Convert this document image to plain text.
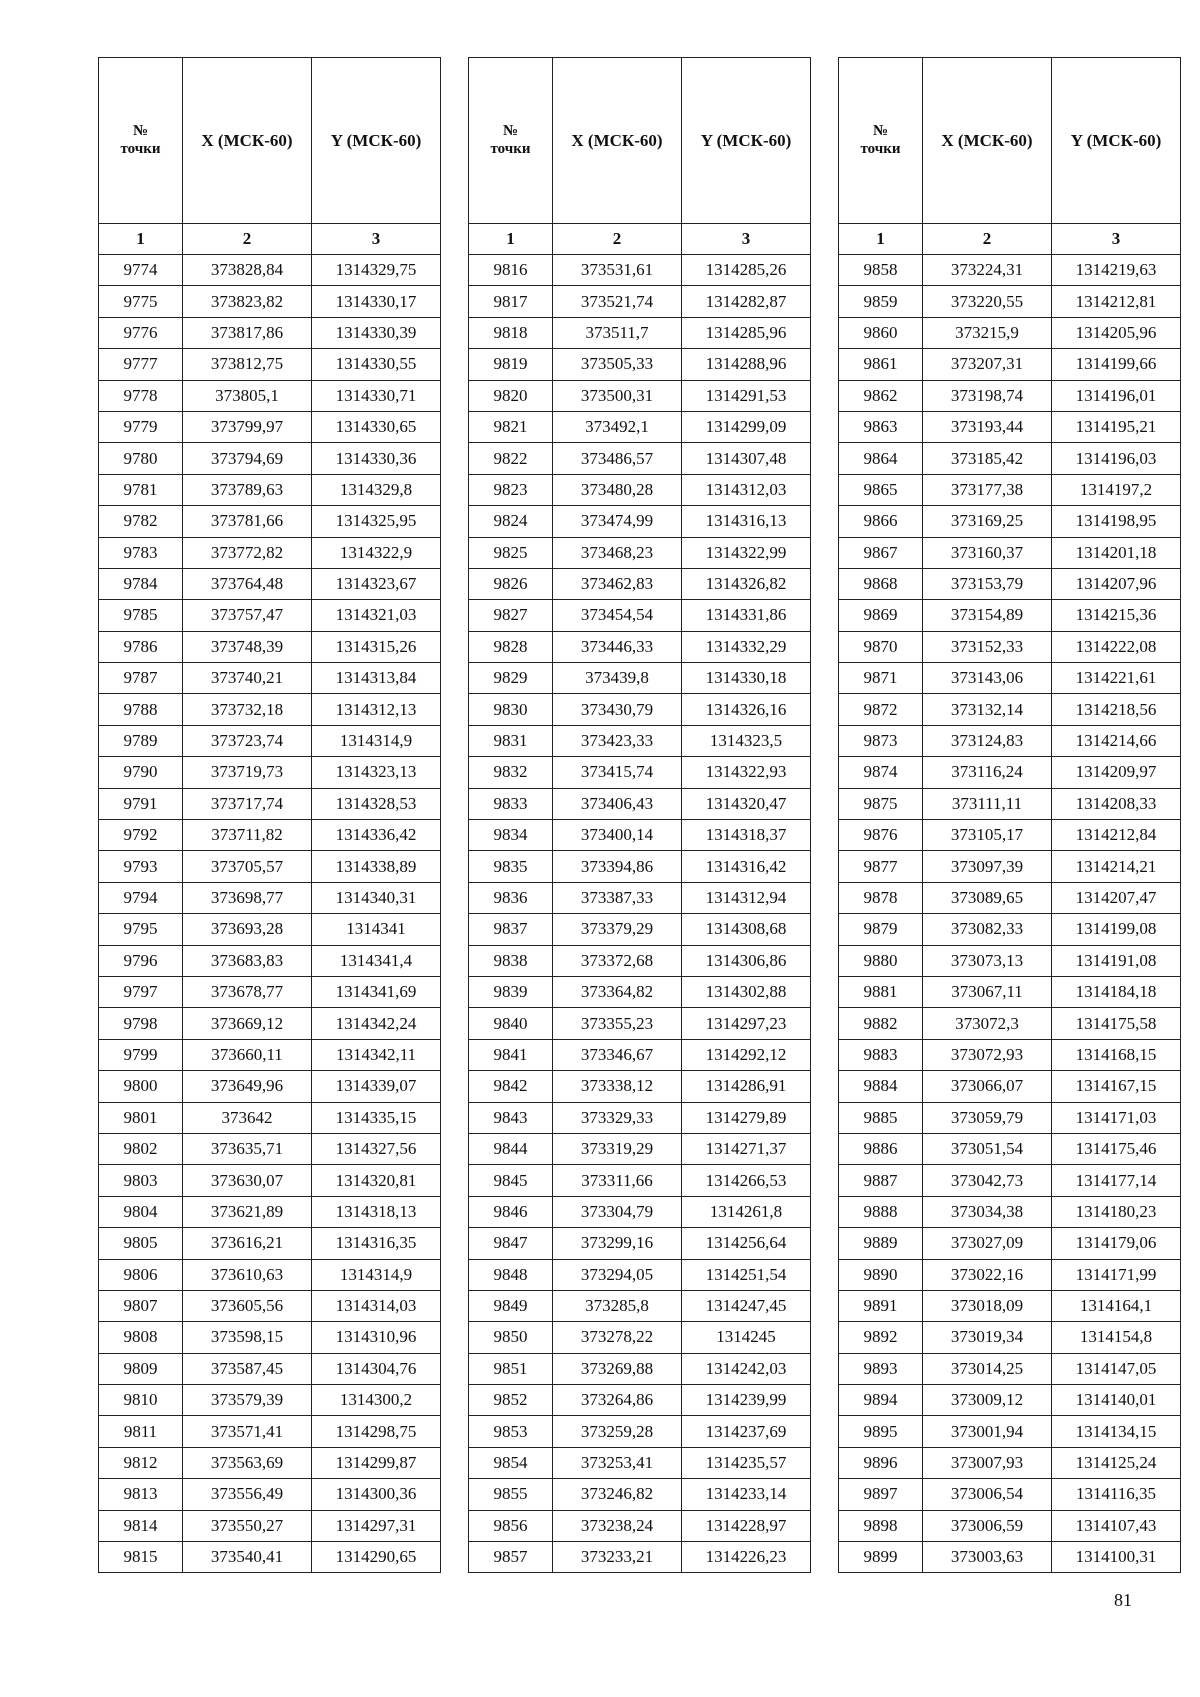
№
точки	X (МСК-60)	Y (МСК-60)
1	2	3
9774	373828,84	1314329,75
9775	373823,82	1314330,17
9776	373817,86	1314330,39
9777	373812,75	1314330,55
9778	373805,1	1314330,71
9779	373799,97	1314330,65
9780	373794,69	1314330,36
9781	373789,63	1314329,8
9782	373781,66	1314325,95
9783	373772,82	1314322,9
9784	373764,48	1314323,67
9785	373757,47	1314321,03
9786	373748,39	1314315,26
9787	373740,21	1314313,84
9788	373732,18	1314312,13
9789	373723,74	1314314,9
9790	373719,73	1314323,13
9791	373717,74	1314328,53
9792	373711,82	1314336,42
9793	373705,57	1314338,89
9794	373698,77	1314340,31
9795	373693,28	1314341
9796	373683,83	1314341,4
9797	373678,77	1314341,69
9798	373669,12	1314342,24
9799	373660,11	1314342,11
9800	373649,96	1314339,07
9801	373642	1314335,15
9802	373635,71	1314327,56
9803	373630,07	1314320,81
9804	373621,89	1314318,13
9805	373616,21	1314316,35
9806	373610,63	1314314,9
9807	373605,56	1314314,03
9808	373598,15	1314310,96
9809	373587,45	1314304,76
9810	373579,39	1314300,2
9811	373571,41	1314298,75
9812	373563,69	1314299,87
9813	373556,49	1314300,36
9814	373550,27	1314297,31
9815	373540,41	1314290,65
№
точки	X (МСК-60)	Y (МСК-60)
1	2	3
9816	373531,61	1314285,26
9817	373521,74	1314282,87
9818	373511,7	1314285,96
9819	373505,33	1314288,96
9820	373500,31	1314291,53
9821	373492,1	1314299,09
9822	373486,57	1314307,48
9823	373480,28	1314312,03
9824	373474,99	1314316,13
9825	373468,23	1314322,99
9826	373462,83	1314326,82
9827	373454,54	1314331,86
9828	373446,33	1314332,29
9829	373439,8	1314330,18
9830	373430,79	1314326,16
9831	373423,33	1314323,5
9832	373415,74	1314322,93
9833	373406,43	1314320,47
9834	373400,14	1314318,37
9835	373394,86	1314316,42
9836	373387,33	1314312,94
9837	373379,29	1314308,68
9838	373372,68	1314306,86
9839	373364,82	1314302,88
9840	373355,23	1314297,23
9841	373346,67	1314292,12
9842	373338,12	1314286,91
9843	373329,33	1314279,89
9844	373319,29	1314271,37
9845	373311,66	1314266,53
9846	373304,79	1314261,8
9847	373299,16	1314256,64
9848	373294,05	1314251,54
9849	373285,8	1314247,45
9850	373278,22	1314245
9851	373269,88	1314242,03
9852	373264,86	1314239,99
9853	373259,28	1314237,69
9854	373253,41	1314235,57
9855	373246,82	1314233,14
9856	373238,24	1314228,97
9857	373233,21	1314226,23
№
точки	X (МСК-60)	Y (МСК-60)
1	2	3
9858	373224,31	1314219,63
9859	373220,55	1314212,81
9860	373215,9	1314205,96
9861	373207,31	1314199,66
9862	373198,74	1314196,01
9863	373193,44	1314195,21
9864	373185,42	1314196,03
9865	373177,38	1314197,2
9866	373169,25	1314198,95
9867	373160,37	1314201,18
9868	373153,79	1314207,96
9869	373154,89	1314215,36
9870	373152,33	1314222,08
9871	373143,06	1314221,61
9872	373132,14	1314218,56
9873	373124,83	1314214,66
9874	373116,24	1314209,97
9875	373111,11	1314208,33
9876	373105,17	1314212,84
9877	373097,39	1314214,21
9878	373089,65	1314207,47
9879	373082,33	1314199,08
9880	373073,13	1314191,08
9881	373067,11	1314184,18
9882	373072,3	1314175,58
9883	373072,93	1314168,15
9884	373066,07	1314167,15
9885	373059,79	1314171,03
9886	373051,54	1314175,46
9887	373042,73	1314177,14
9888	373034,38	1314180,23
9889	373027,09	1314179,06
9890	373022,16	1314171,99
9891	373018,09	1314164,1
9892	373019,34	1314154,8
9893	373014,25	1314147,05
9894	373009,12	1314140,01
9895	373001,94	1314134,15
9896	373007,93	1314125,24
9897	373006,54	1314116,35
9898	373006,59	1314107,43
9899	373003,63	1314100,31
81
